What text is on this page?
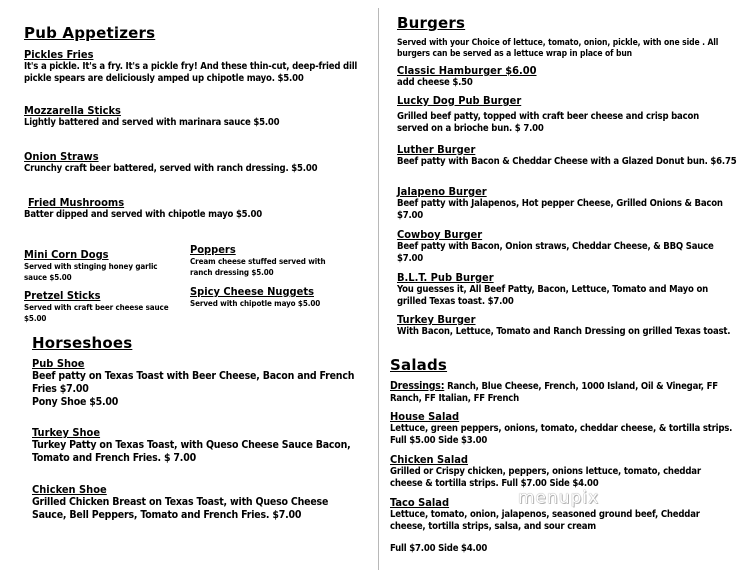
Pub Appetizers
Pickles Fries
It's a pickle. It's a fry. It's a pickle fry! And these thin-cut, deep-fried dill pickle spears are deliciously amped up chipotle mayo. $5.00
Mozzarella Sticks
Lightly battered and served with marinara sauce $5.00
Onion Straws
Crunchy craft beer battered, served with ranch dressing. $5.00
Fried Mushrooms
Batter dipped and served with chipotle mayo $5.00
Mini Corn Dogs
Served with stinging honey garlic sauce $5.00
Pretzel Sticks
Served with craft beer cheese sauce $5.00
Poppers
Cream cheese stuffed served with ranch dressing $5.00
Spicy Cheese Nuggets
Served with chipotle mayo $5.00
Horseshoes
Pub Shoe
Beef patty on Texas Toast with Beer Cheese, Bacon and French Fries $7.00
Pony Shoe $5.00
Turkey Shoe
Turkey Patty on Texas Toast, with Queso Cheese Sauce Bacon, Tomato and French Fries. $ 7.00
Chicken Shoe
Grilled Chicken Breast on Texas Toast, with Queso Cheese Sauce, Bell Peppers, Tomato and French Fries. $7.00
Burgers
Served with your Choice of lettuce, tomato, onion, pickle, with one side . All burgers can be served as a lettuce wrap in place of bun
Classic Hamburger $6.00
add cheese $.50
Lucky Dog Pub Burger
Grilled beef patty, topped with craft beer cheese and crisp bacon served on a brioche bun. $ 7.00
Luther Burger
Beef patty with Bacon & Cheddar Cheese with a Glazed Donut bun. $6.75
Jalapeno Burger
Beef patty with Jalapenos, Hot pepper Cheese, Grilled Onions & Bacon $7.00
Cowboy Burger
Beef patty with Bacon, Onion straws, Cheddar Cheese, & BBQ Sauce $7.00
B.L.T. Pub Burger
You guesses it, All Beef Patty, Bacon, Lettuce, Tomato and Mayo on grilled Texas toast. $7.00
Turkey Burger
With Bacon, Lettuce, Tomato and Ranch Dressing on grilled Texas toast.
Salads
Dressings: Ranch, Blue Cheese, French, 1000 Island, Oil & Vinegar, FF Ranch, FF Italian, FF French
House Salad
Lettuce, green peppers, onions, tomato, cheddar cheese, & tortilla strips. Full $5.00 Side $3.00
Chicken Salad
Grilled or Crispy chicken, peppers, onions lettuce, tomato, cheddar cheese & tortilla strips. Full $7.00 Side $4.00
Taco Salad
Lettuce, tomato, onion, jalapenos, seasoned ground beef, Cheddar cheese, tortilla strips, salsa, and sour cream
Full $7.00 Side $4.00
menupix
